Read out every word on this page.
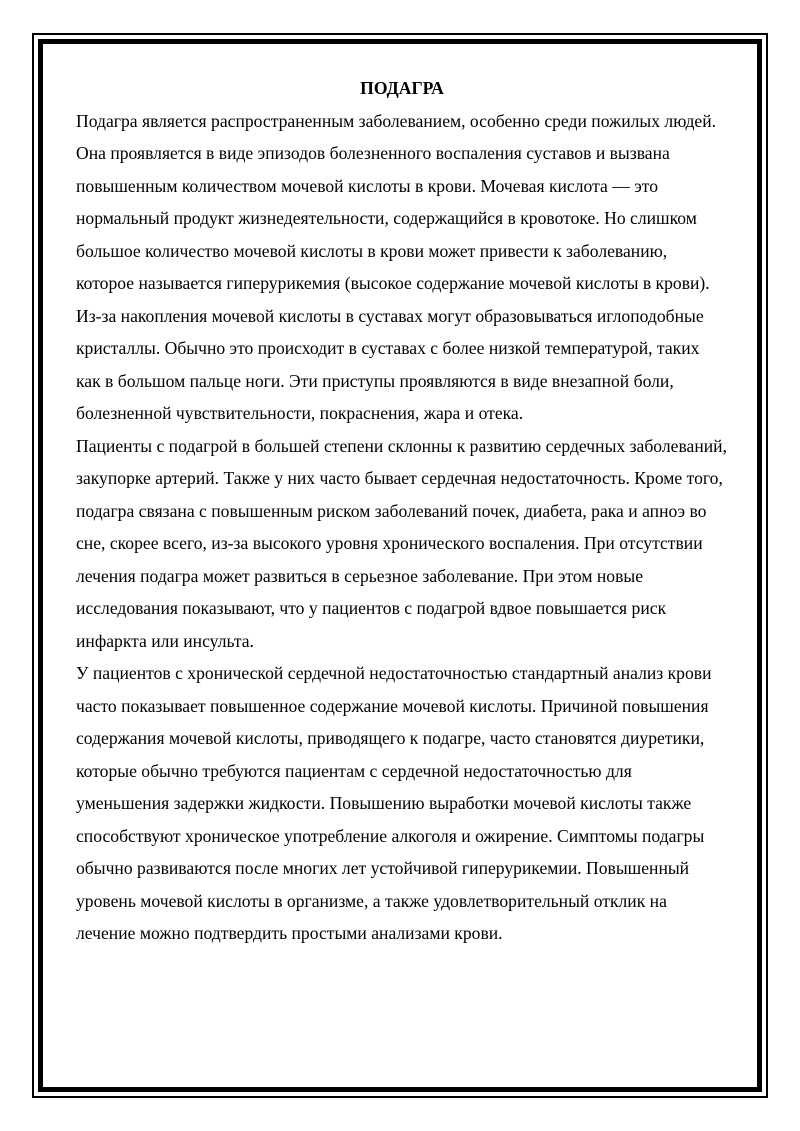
ПОДАГРА

Подагра является распространенным заболеванием, особенно среди пожилых людей. Она проявляется в виде эпизодов болезненного воспаления суставов и вызвана повышенным количеством мочевой кислоты в крови. Мочевая кислота — это нормальный продукт жизнедеятельности, содержащийся в кровотоке. Но слишком большое количество мочевой кислоты в крови может привести к заболеванию, которое называется гиперурикемия (высокое содержание мочевой кислоты в крови). Из-за накопления мочевой кислоты в суставах могут образовываться иглоподобные кристаллы. Обычно это происходит в суставах с более низкой температурой, таких как в большом пальце ноги. Эти приступы проявляются в виде внезапной боли, болезненной чувствительности, покраснения, жара и отека.

Пациенты с подагрой в большей степени склонны к развитию сердечных заболеваний, закупорке артерий. Также у них часто бывает сердечная недостаточность. Кроме того, подагра связана с повышенным риском заболеваний почек, диабета, рака и апноэ во сне, скорее всего, из-за высокого уровня хронического воспаления. При отсутствии лечения подагра может развиться в серьезное заболевание. При этом новые исследования показывают, что у пациентов с подагрой вдвое повышается риск инфаркта или инсульта.

У пациентов с хронической сердечной недостаточностью стандартный анализ крови часто показывает повышенное содержание мочевой кислоты. Причиной повышения содержания мочевой кислоты, приводящего к подагре, часто становятся диуретики, которые обычно требуются пациентам с сердечной недостаточностью для уменьшения задержки жидкости. Повышению выработки мочевой кислоты также способствуют хроническое употребление алкоголя и ожирение. Симптомы подагры обычно развиваются после многих лет устойчивой гиперурикемии. Повышенный уровень мочевой кислоты в организме, а также удовлетворительный отклик на лечение можно подтвердить простыми анализами крови.
